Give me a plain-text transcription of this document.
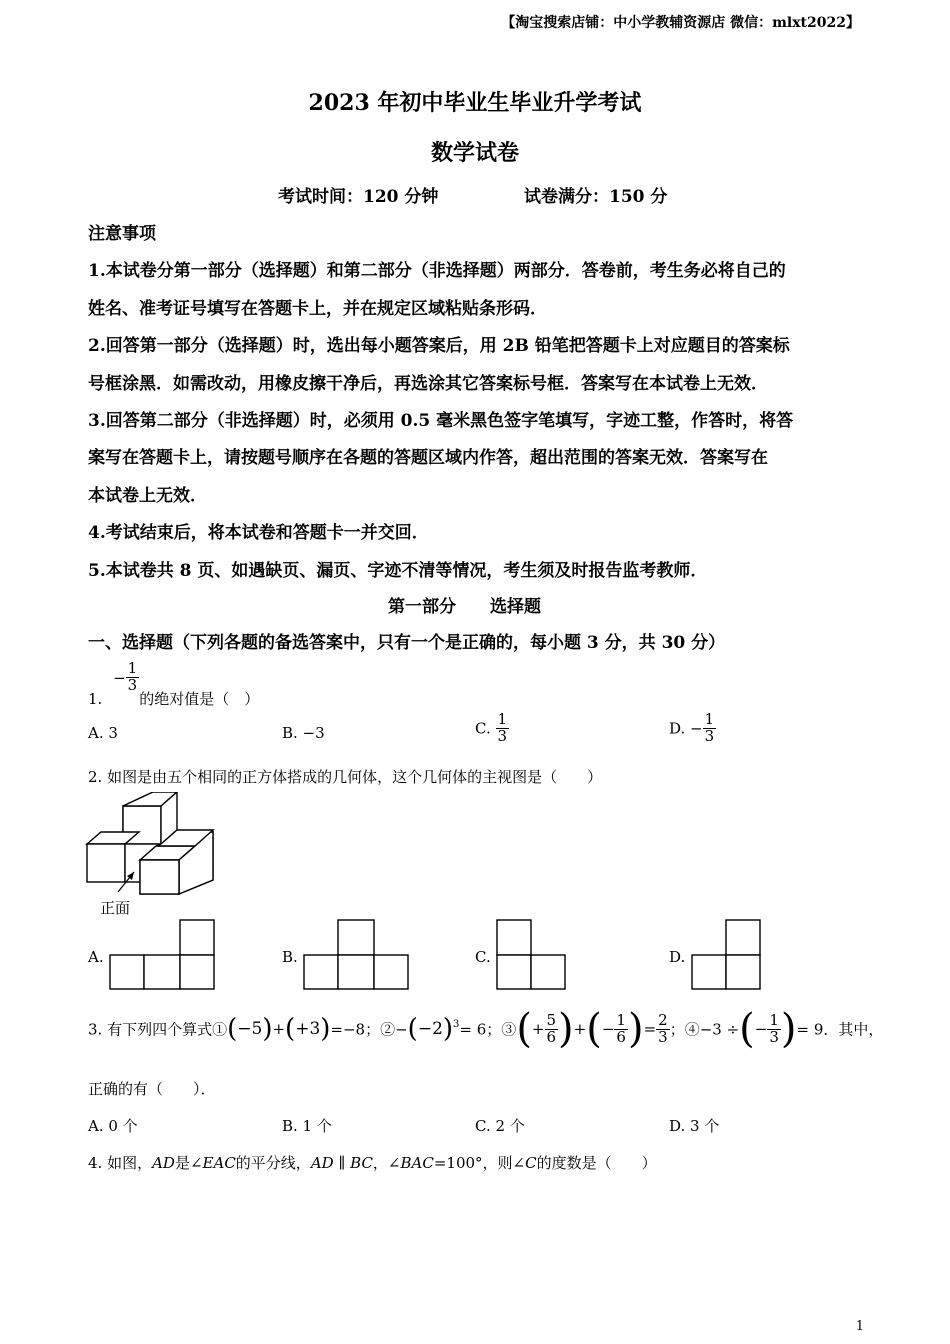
【淘宝搜索店铺：中小学教辅资源店 微信：mlxt2022】
2023 年初中毕业生毕业升学考试
数学试卷
考试时间：120 分钟	试卷满分：150 分
注意事项
1.本试卷分第一部分（选择题）和第二部分（非选择题）两部分．答卷前，考生务必将自己的
姓名、准考证号填写在答题卡上，并在规定区域粘贴条形码．
2.回答第一部分（选择题）时，选出每小题答案后，用 2B 铅笔把答题卡上对应题目的答案标
号框涂黑．如需改动，用橡皮擦干净后，再选涂其它答案标号框．答案写在本试卷上无效．
3.回答第二部分（非选择题）时，必须用 0.5 毫米黑色签字笔填写，字迹工整，作答时，将答
案写在答题卡上，请按题号顺序在各题的答题区域内作答，超出范围的答案无效．答案写在
本试卷上无效．
4.考试结束后，将本试卷和答题卡一并交回．
5.本试卷共 8 页、如遇缺页、漏页、字迹不清等情况，考生须及时报告监考教师．
第一部分　　选择题
一、选择题（下列各题的备选答案中，只有一个是正确的，每小题 3 分，共 30 分）
1. − $\frac{1}{3}$
的绝对值是（　）
A. 3	B. −3	C. $\frac{1}{3}$	D. − $\frac{1}{3}$
2. 如图是由五个相同的正方体搭成的几何体，这个几何体的主视图是（　　）
正面
A.	B.	C.	D.
3. 有下列四个算式①(−5)+(+3)=−8；$②-(-2)^3= 6$；③(+ $\frac{5}{6}$ )+(− $\frac{1}{6}$ )= $\frac{2}{3}$ ；④−3 ÷(− $\frac{1}{3}$ )= 9．其中，
正确的有（　　）．
A. 0 个	B. 1 个	C. 2 个	D. 3 个
4. 如图，AD是∠EAC的平分线，AD ∥ BC，∠BAC=100°，则∠C的度数是（　　）
1
